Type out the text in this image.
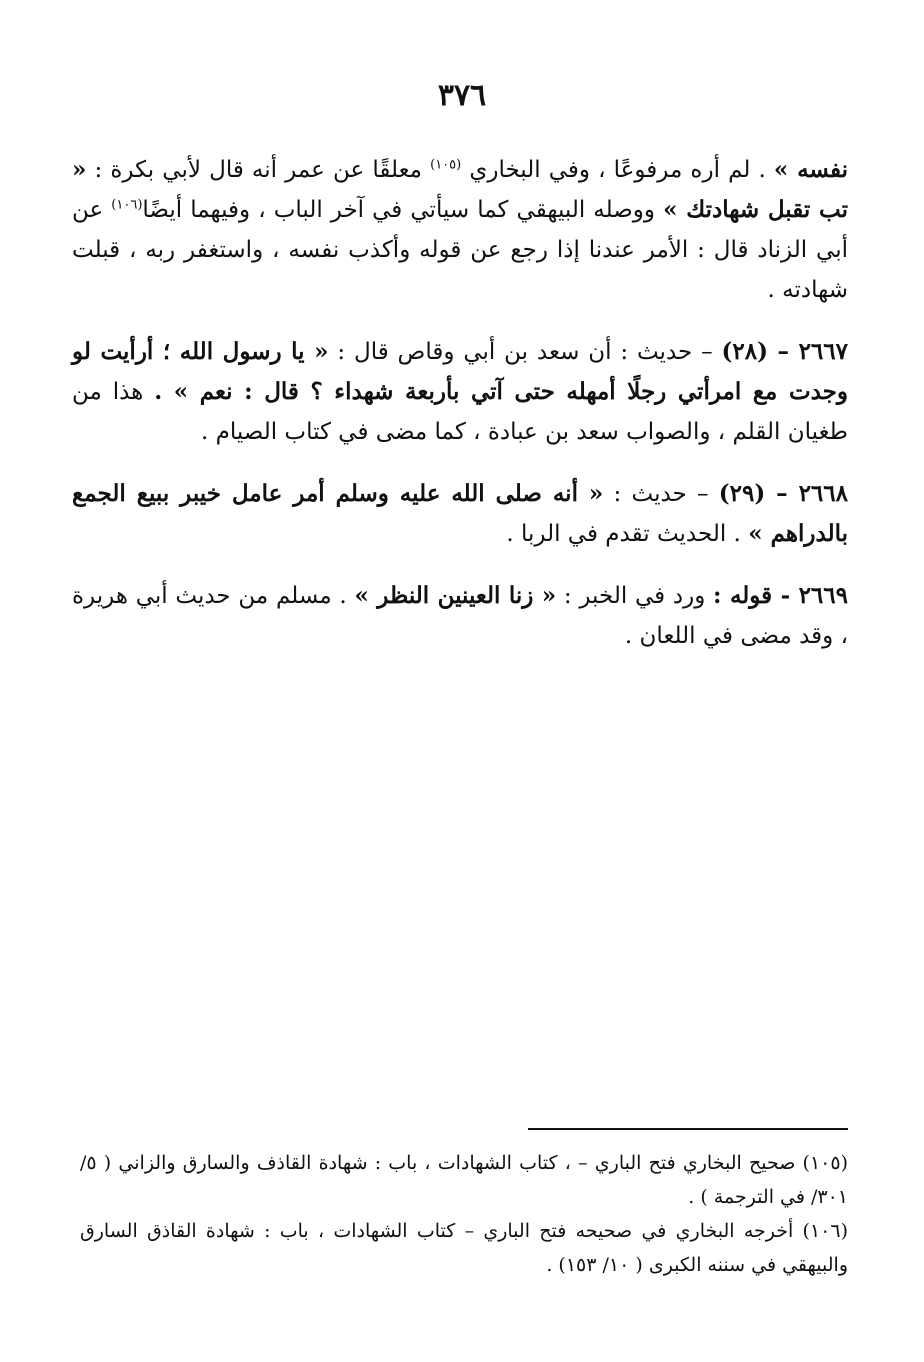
٣٧٦

نفسه » . لم أره مرفوعًا ، وفي البخاري $^{(١٠٥)}$ معلقًا عن عمر أنه قال لأبي بكرة : « تب تقبل شهادتك » ووصله البيهقي كما سيأتي في آخر الباب ، وفيهما أيضًا$^{(١٠٦)}$ عن أبي الزناد قال : الأمر عندنا إذا رجع عن قوله وأكذب نفسه ، واستغفر ربه ، قبلت شهادته .

٢٦٦٧ – (٢٨) – حديث : أن سعد بن أبي وقاص قال : « يا رسول الله ؛ أرأيت لو وجدت مع امرأتي رجلًا أمهله حتى آتي بأربعة شهداء ؟ قال : نعم » . هذا من طغيان القلم ، والصواب سعد بن عبادة ، كما مضى في كتاب الصيام .

٢٦٦٨ – (٢٩) – حديث : « أنه صلى الله عليه وسلم أمر عامل خيبر ببيع الجمع بالدراهم » . الحديث تقدم في الربا .

٢٦٦٩ - قوله : ورد في الخبر : « زنا العينين النظر » . مسلم من حديث أبي هريرة ، وقد مضى في اللعان .

(١٠٥) صحيح البخاري فتح الباري – ، كتاب الشهادات ، باب : شهادة القاذف والسارق والزاني ( ٥/ ٣٠١/ في الترجمة ) .

(١٠٦) أخرجه البخاري في صحيحه فتح الباري – كتاب الشهادات ، باب : شهادة القاذق السارق والبيهقي في سننه الكبرى ( ١٠/ ١٥٣) .
